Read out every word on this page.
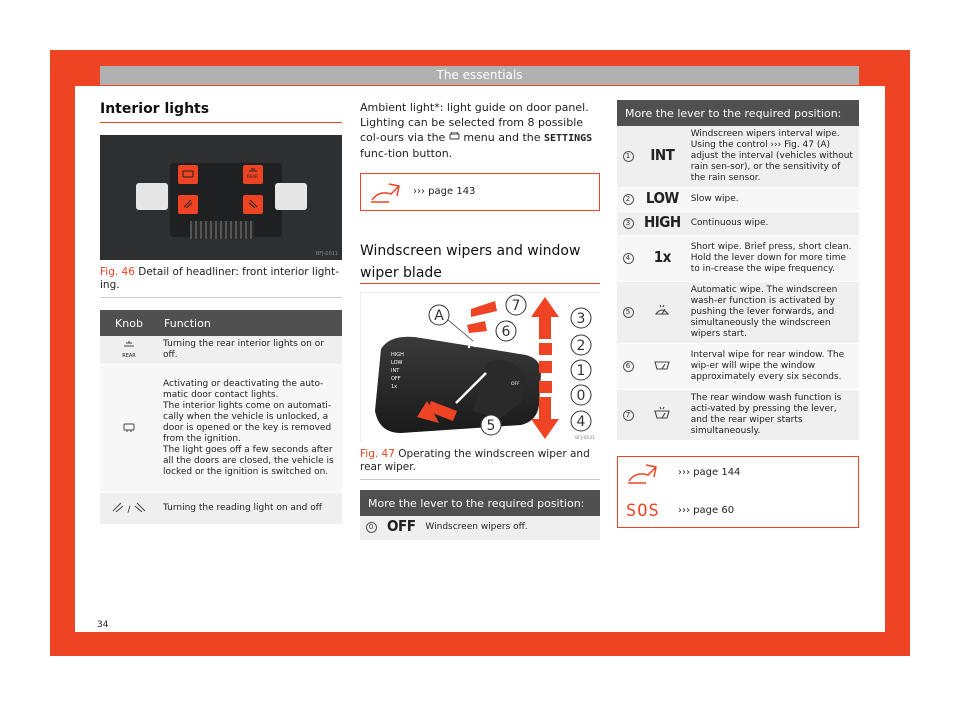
The essentials
Interior lights
REAR
BFJ-0011

Fig. 46 Detail of headliner: front interior light-ing.

Knob	Function

REAR	Turning the rear interior lights on or off.
	Activating or deactivating the auto-matic door contact lights.
The interior lights come on automati-cally when the vehicle is unlocked, a door is opened or the key is removed from the ignition.
The light goes off a few seconds after all the doors are closed, the vehicle is locked or the ignition is switched on.
/	Turning the reading light on and off

Ambient light*: light guide on door panel. Lighting can be selected from 8 possible col-ours via the menu and the SETTINGS func-tion button.

››› page 143
Windscreen wipers and window wiper blade
HIGH
LOW
INT
OFF
1x	OFF
A
7
6
3
2
1
0
4
5
BFJ-0031

Fig. 47 Operating the windscreen wiper and rear wiper.

More the lever to the required position:
0	OFF	Windscreen wipers off.
More the lever to the required position:		
1	INT	Windscreen wipers interval wipe. Using the control ››› Fig. 47 (A) adjust the interval (vehicles without rain sen-sor), or the sensitivity of the rain sensor.
2	LOW	Slow wipe.
3	HIGH	Continuous wipe.
4	1x	Short wipe. Brief press, short clean. Hold the lever down for more time to in-crease the wipe frequency.
5		Automatic wipe. The windscreen wash-er function is activated by pushing the lever forwards, and simultaneously the windscreen wipers start.
6		Interval wipe for rear window. The wip-er will wipe the window approximately every six seconds.
7		The rear window wash function is acti-vated by pressing the lever, and the rear wiper starts simultaneously.
››› page 144
SOS ››› page 60
34
